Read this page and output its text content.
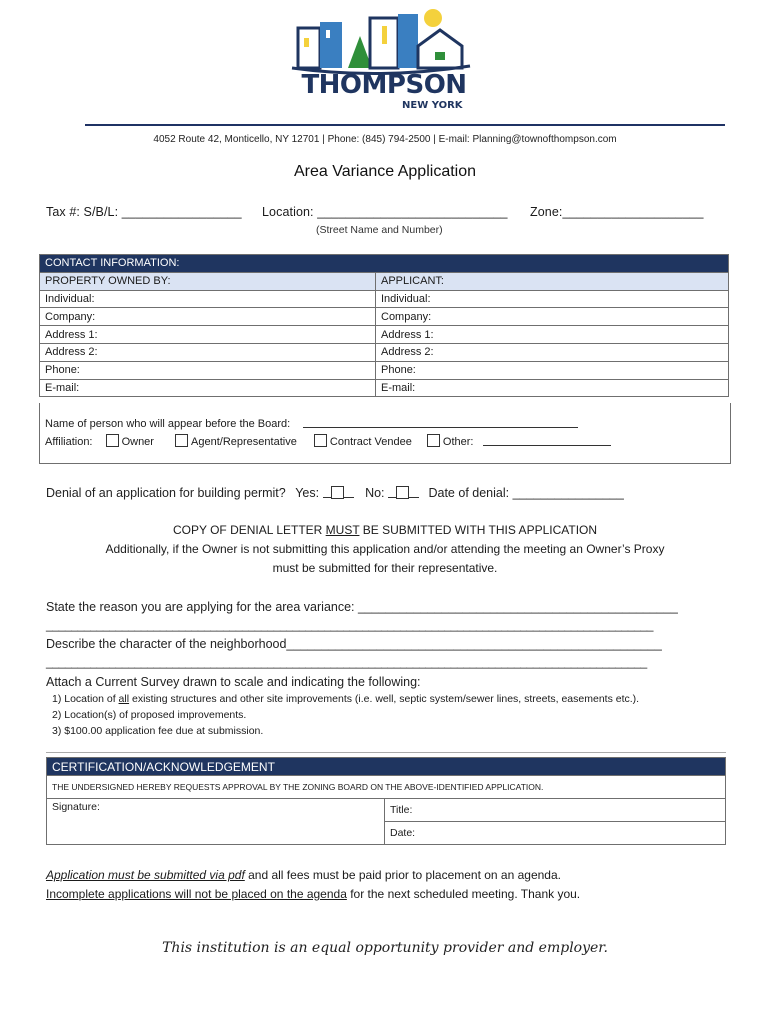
THOMPSON
NEW YORK
4052 Route 42, Monticello, NY 12701 | Phone: (845) 794-2500 | E-mail: Planning@townofthompson.com
Area Variance Application
Tax #: S/B/L: _________________ Location: ___________________________ Zone:____________________
(Street Name and Number)
CONTACT INFORMATION:	
PROPERTY OWNED BY:	APPLICANT:
Individual:	Individual:
Company:	Company:
Address 1:	Address 1:
Address 2:	Address 2:
Phone:	Phone:
E-mail:	E-mail:
Name of person who will appear before the Board:
Affiliation:	Owner	Agent/Representative	Contract Vendee	Other:
Denial of an application for building permit? Yes:	No:	Date of denial: ________________
COPY OF DENIAL LETTER MUST BE SUBMITTED WITH THIS APPLICATION
Additionally, if the Owner is not submitting this application and/or attending the meeting an Owner’s Proxy
must be submitted for their representative.
State the reason you are applying for the area variance: ______________________________________________
________________________________________________________________________________________________
Describe the character of the neighborhood______________________________________________________
_______________________________________________________________________________________________
Attach a Current Survey drawn to scale and indicating the following:
1) Location of all existing structures and other site improvements (i.e. well, septic system/sewer lines, streets, easements etc.).
2) Location(s) of proposed improvements.
3) $100.00 application fee due at submission.
CERTIFICATION/ACKNOWLEDGEMENT
THE UNDERSIGNED HEREBY REQUESTS APPROVAL BY THE ZONING BOARD ON THE ABOVE-IDENTIFIED APPLICATION.
Signature:	Title:
Date:
Application must be submitted via pdf and all fees must be paid prior to placement on an agenda.
Incomplete applications will not be placed on the agenda for the next scheduled meeting. Thank you.
This institution is an equal opportunity provider and employer.
